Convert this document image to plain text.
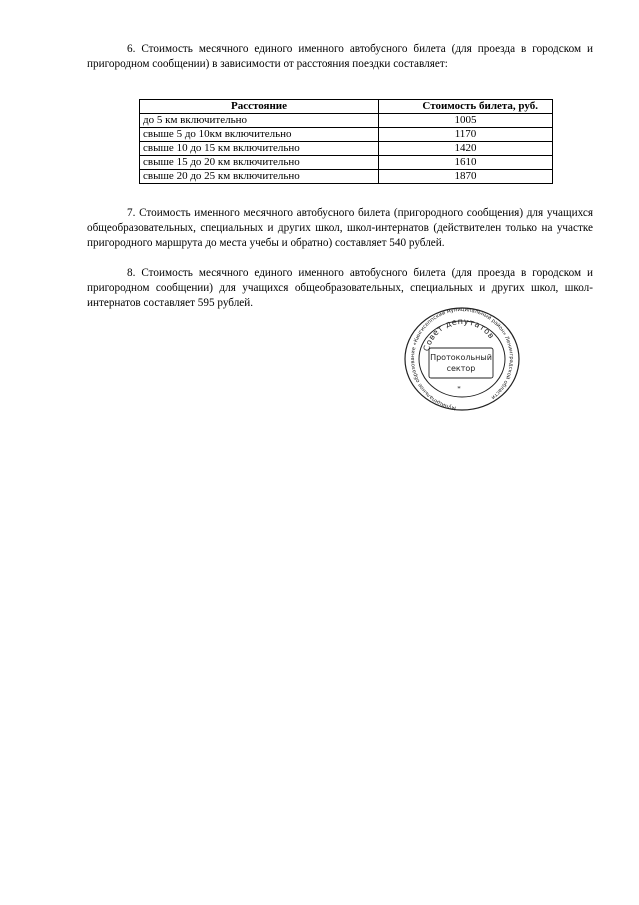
6. Стоимость месячного единого именного автобусного билета (для проезда в городском и пригородном сообщении) в зависимости от расстояния поездки составляет:

Расстояние	Стоимость билета, руб.
до 5 км включительно	1005
свыше 5 до 10км включительно	1170
свыше 10 до 15 км включительно	1420
свыше 15 до 20 км включительно	1610
свыше 20 до 25 км включительно	1870

7. Стоимость именного месячного автобусного билета (пригородного сообщения) для учащихся общеобразовательных, специальных и других школ, школ-интернатов (действителен только на участке пригородного маршрута до места учебы и обратно) составляет 540 рублей.

8. Стоимость месячного единого именного автобусного билета (для проезда в городском и пригородном сообщении) для учащихся общеобразовательных, специальных и других школ, школ-интернатов составляет 595 рублей.

Муниципальное образование «Кингисеппский муниципальный район» Ленинградской области
Совет депутатов
Протокольный
сектор
*
